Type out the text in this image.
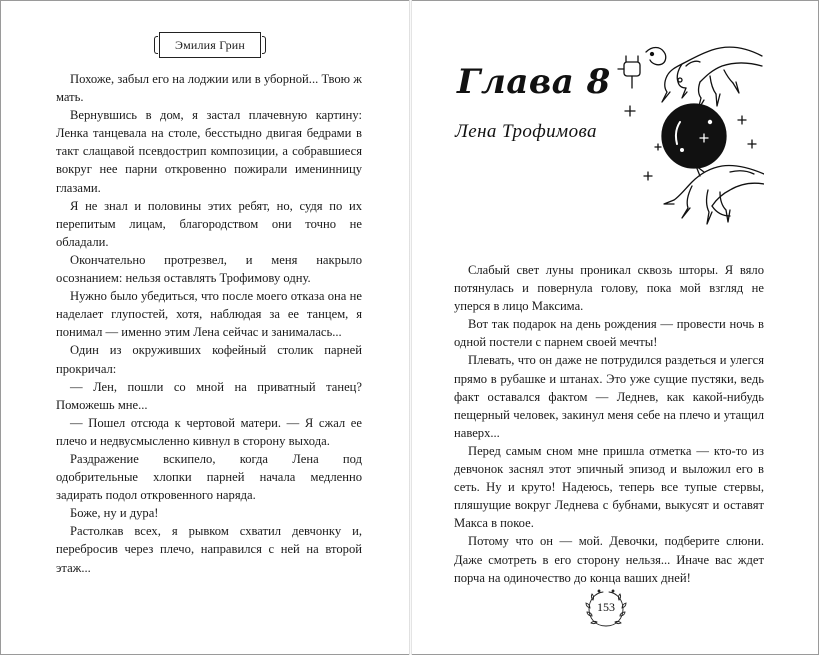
Эмилия Грин

Похоже, забыл его на лоджии или в уборной... Твою ж мать.

Вернувшись в дом, я застал плачевную картину: Ленка танцевала на столе, бесстыдно двигая бедрами в такт слащавой псевдострип композиции, а собравшиеся вокруг нее парни откровенно пожирали именинницу глазами.

Я не знал и половины этих ребят, но, судя по их перепитым лицам, благородством они точно не обладали.

Окончательно протрезвел, и меня накрыло осознанием: нельзя оставлять Трофимову одну.

Нужно было убедиться, что после моего отказа она не наделает глупостей, хотя, наблюдая за ее танцем, я понимал — именно этим Лена сейчас и занималась...

Один из окруживших кофейный столик парней прокричал:

— Лен, пошли со мной на приватный танец? Поможешь мне...

— Пошел отсюда к чертовой матери. — Я сжал ее плечо и недвусмысленно кивнул в сторону выхода.

Раздражение вскипело, когда Лена под одобрительные хлопки парней начала медленно задирать подол откровенного наряда.

Боже, ну и дура!

Растолкав всех, я рывком схватил девчонку и, перебросив через плечо, направился с ней на второй этаж...

Глава 8
Лена Трофимова

Слабый свет луны проникал сквозь шторы. Я вяло потянулась и повернула голову, пока мой взгляд не уперся в лицо Максима.

Вот так подарок на день рождения — провести ночь в одной постели с парнем своей мечты!

Плевать, что он даже не потрудился раздеться и улегся прямо в рубашке и штанах. Это уже сущие пустяки, ведь факт оставался фактом — Леднев, как какой-нибудь пещерный человек, закинул меня себе на плечо и утащил наверх...

Перед самым сном мне пришла отметка — кто-то из девчонок заснял этот эпичный эпизод и выложил его в сеть. Ну и круто! Надеюсь, теперь все тупые стервы, пляшущие вокруг Леднева с бубнами, выкусят и оставят Макса в покое.

Потому что он — мой. Девочки, подберите слюни. Даже смотреть в его сторону нельзя... Иначе вас ждет порча на одиночество до конца ваших дней!

153
